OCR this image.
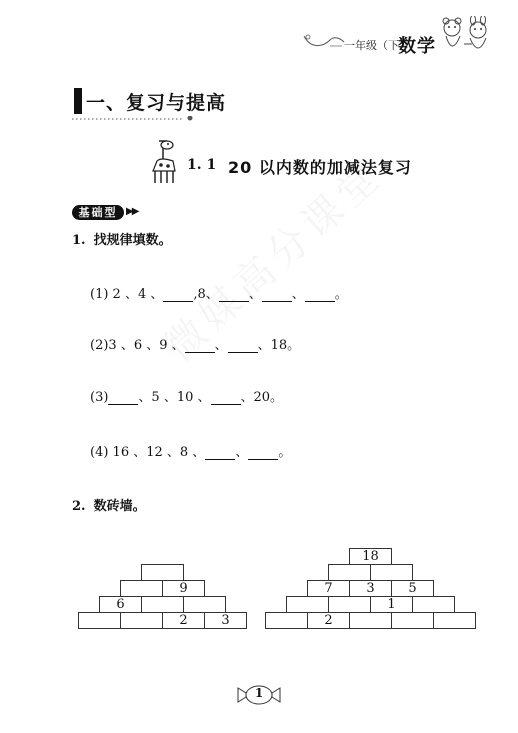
一年级（下）
数学
一、复习与提高
1. 1 20 以内数的加减法复习
基础型 ▶▶
1. 找规律填数。
(1) 2 、4 、 ,8、 、 、 。
(2)3 、6 、9 、 、 、18。
(3) 、5 、10 、 、20。
(4) 16 、12 、8 、 、 。
2. 数砖墙。
9
6
2	3
18
7	3	5
1
2
1
